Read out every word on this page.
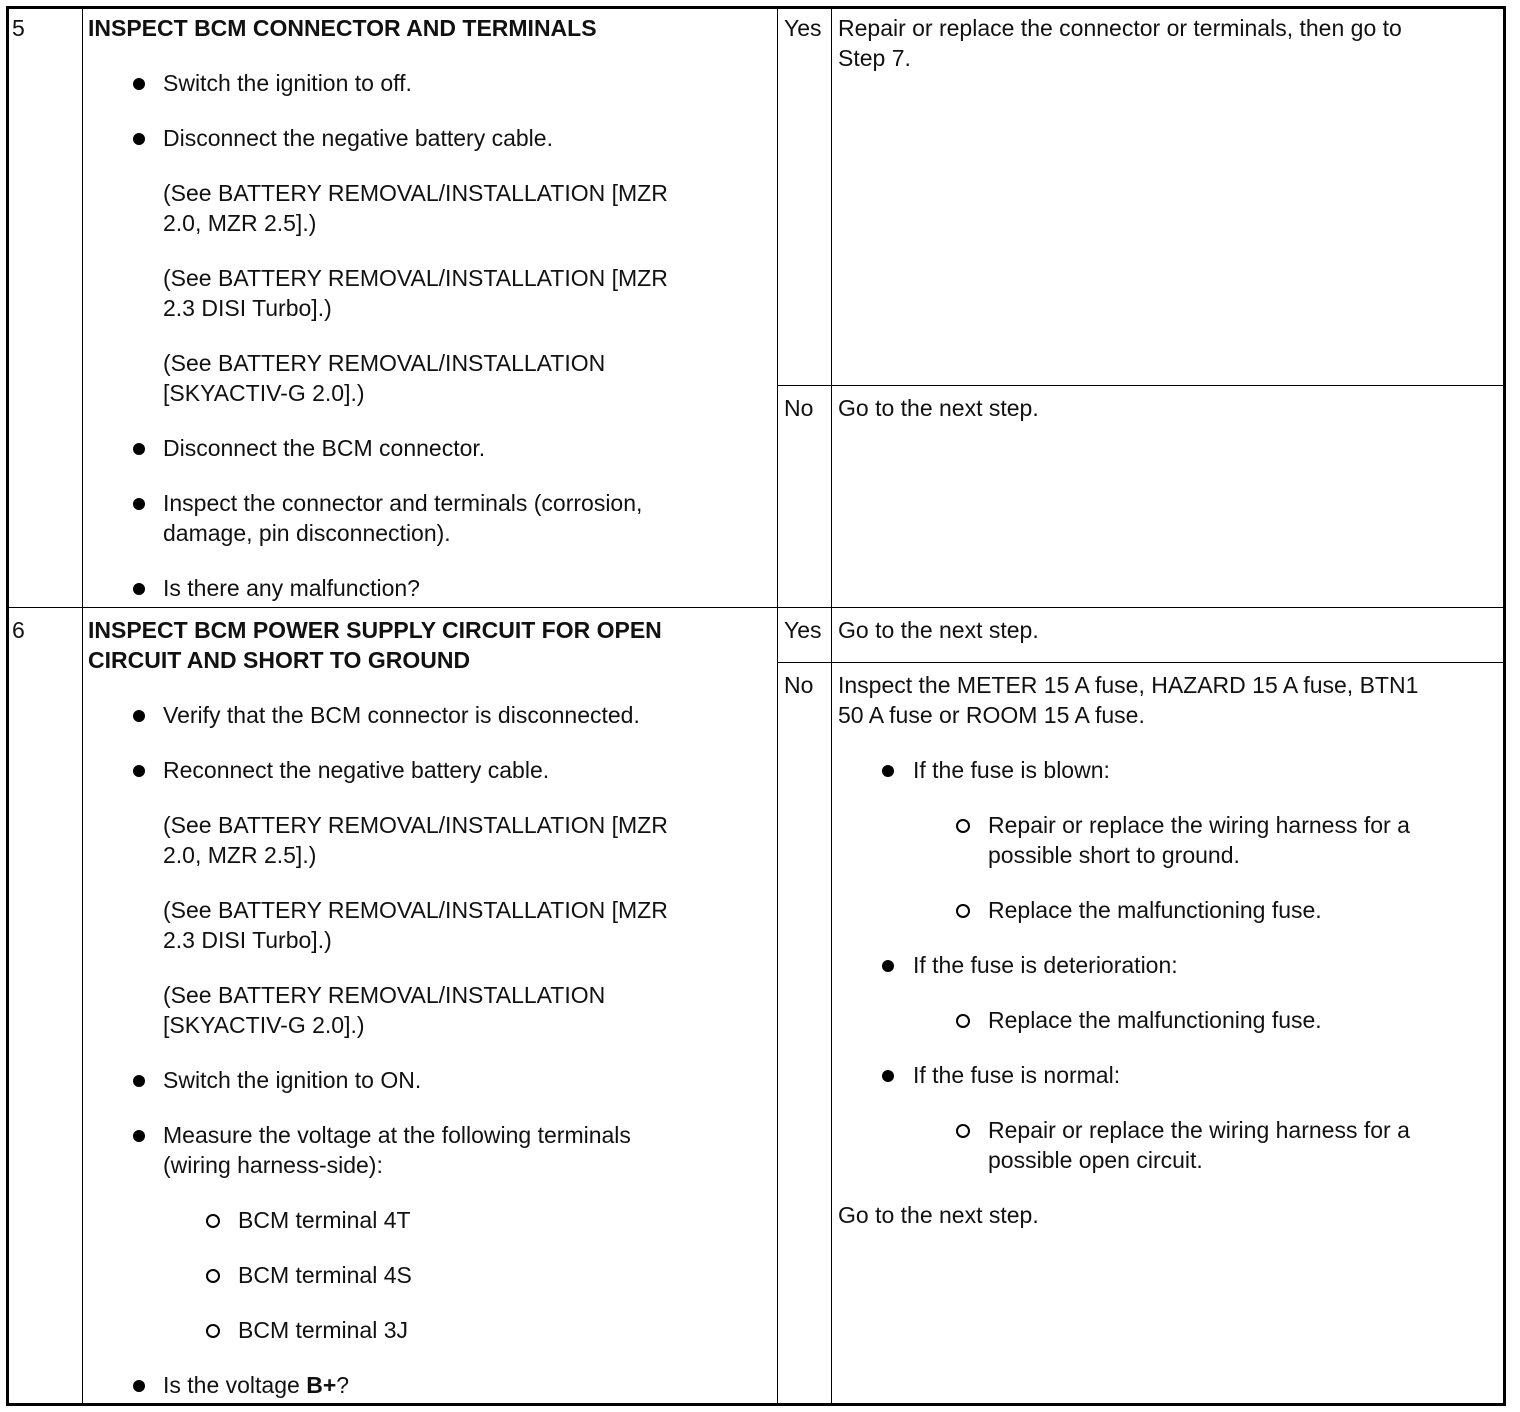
5	INSPECT BCM CONNECTOR AND TERMINALS
Switch the ignition to off.
Disconnect the negative battery cable.
(See BATTERY REMOVAL/INSTALLATION [MZR
2.0, MZR 2.5].)
(See BATTERY REMOVAL/INSTALLATION [MZR
2.3 DISI Turbo].)
(See BATTERY REMOVAL/INSTALLATION
[SKYACTIV-G 2.0].)
Disconnect the BCM connector.
Inspect the connector and terminals (corrosion,
damage, pin disconnection).
Is there any malfunction?
Yes Repair or replace the connector or terminals, then go to
Step 7.
No Go to the next step.
6	INSPECT BCM POWER SUPPLY CIRCUIT FOR OPEN
CIRCUIT AND SHORT TO GROUND
Verify that the BCM connector is disconnected.
Reconnect the negative battery cable.
(See BATTERY REMOVAL/INSTALLATION [MZR
2.0, MZR 2.5].)
(See BATTERY REMOVAL/INSTALLATION [MZR
2.3 DISI Turbo].)
(See BATTERY REMOVAL/INSTALLATION
[SKYACTIV-G 2.0].)
Switch the ignition to ON.
Measure the voltage at the following terminals
(wiring harness-side):
BCM terminal 4T
BCM terminal 4S
BCM terminal 3J
Is the voltage B+?
Yes Go to the next step.
No Inspect the METER 15 A fuse, HAZARD 15 A fuse, BTN1
50 A fuse or ROOM 15 A fuse.
If the fuse is blown:
Repair or replace the wiring harness for a
possible short to ground.
Replace the malfunctioning fuse.
If the fuse is deterioration:
Replace the malfunctioning fuse.
If the fuse is normal:
Repair or replace the wiring harness for a
possible open circuit.
Go to the next step.
